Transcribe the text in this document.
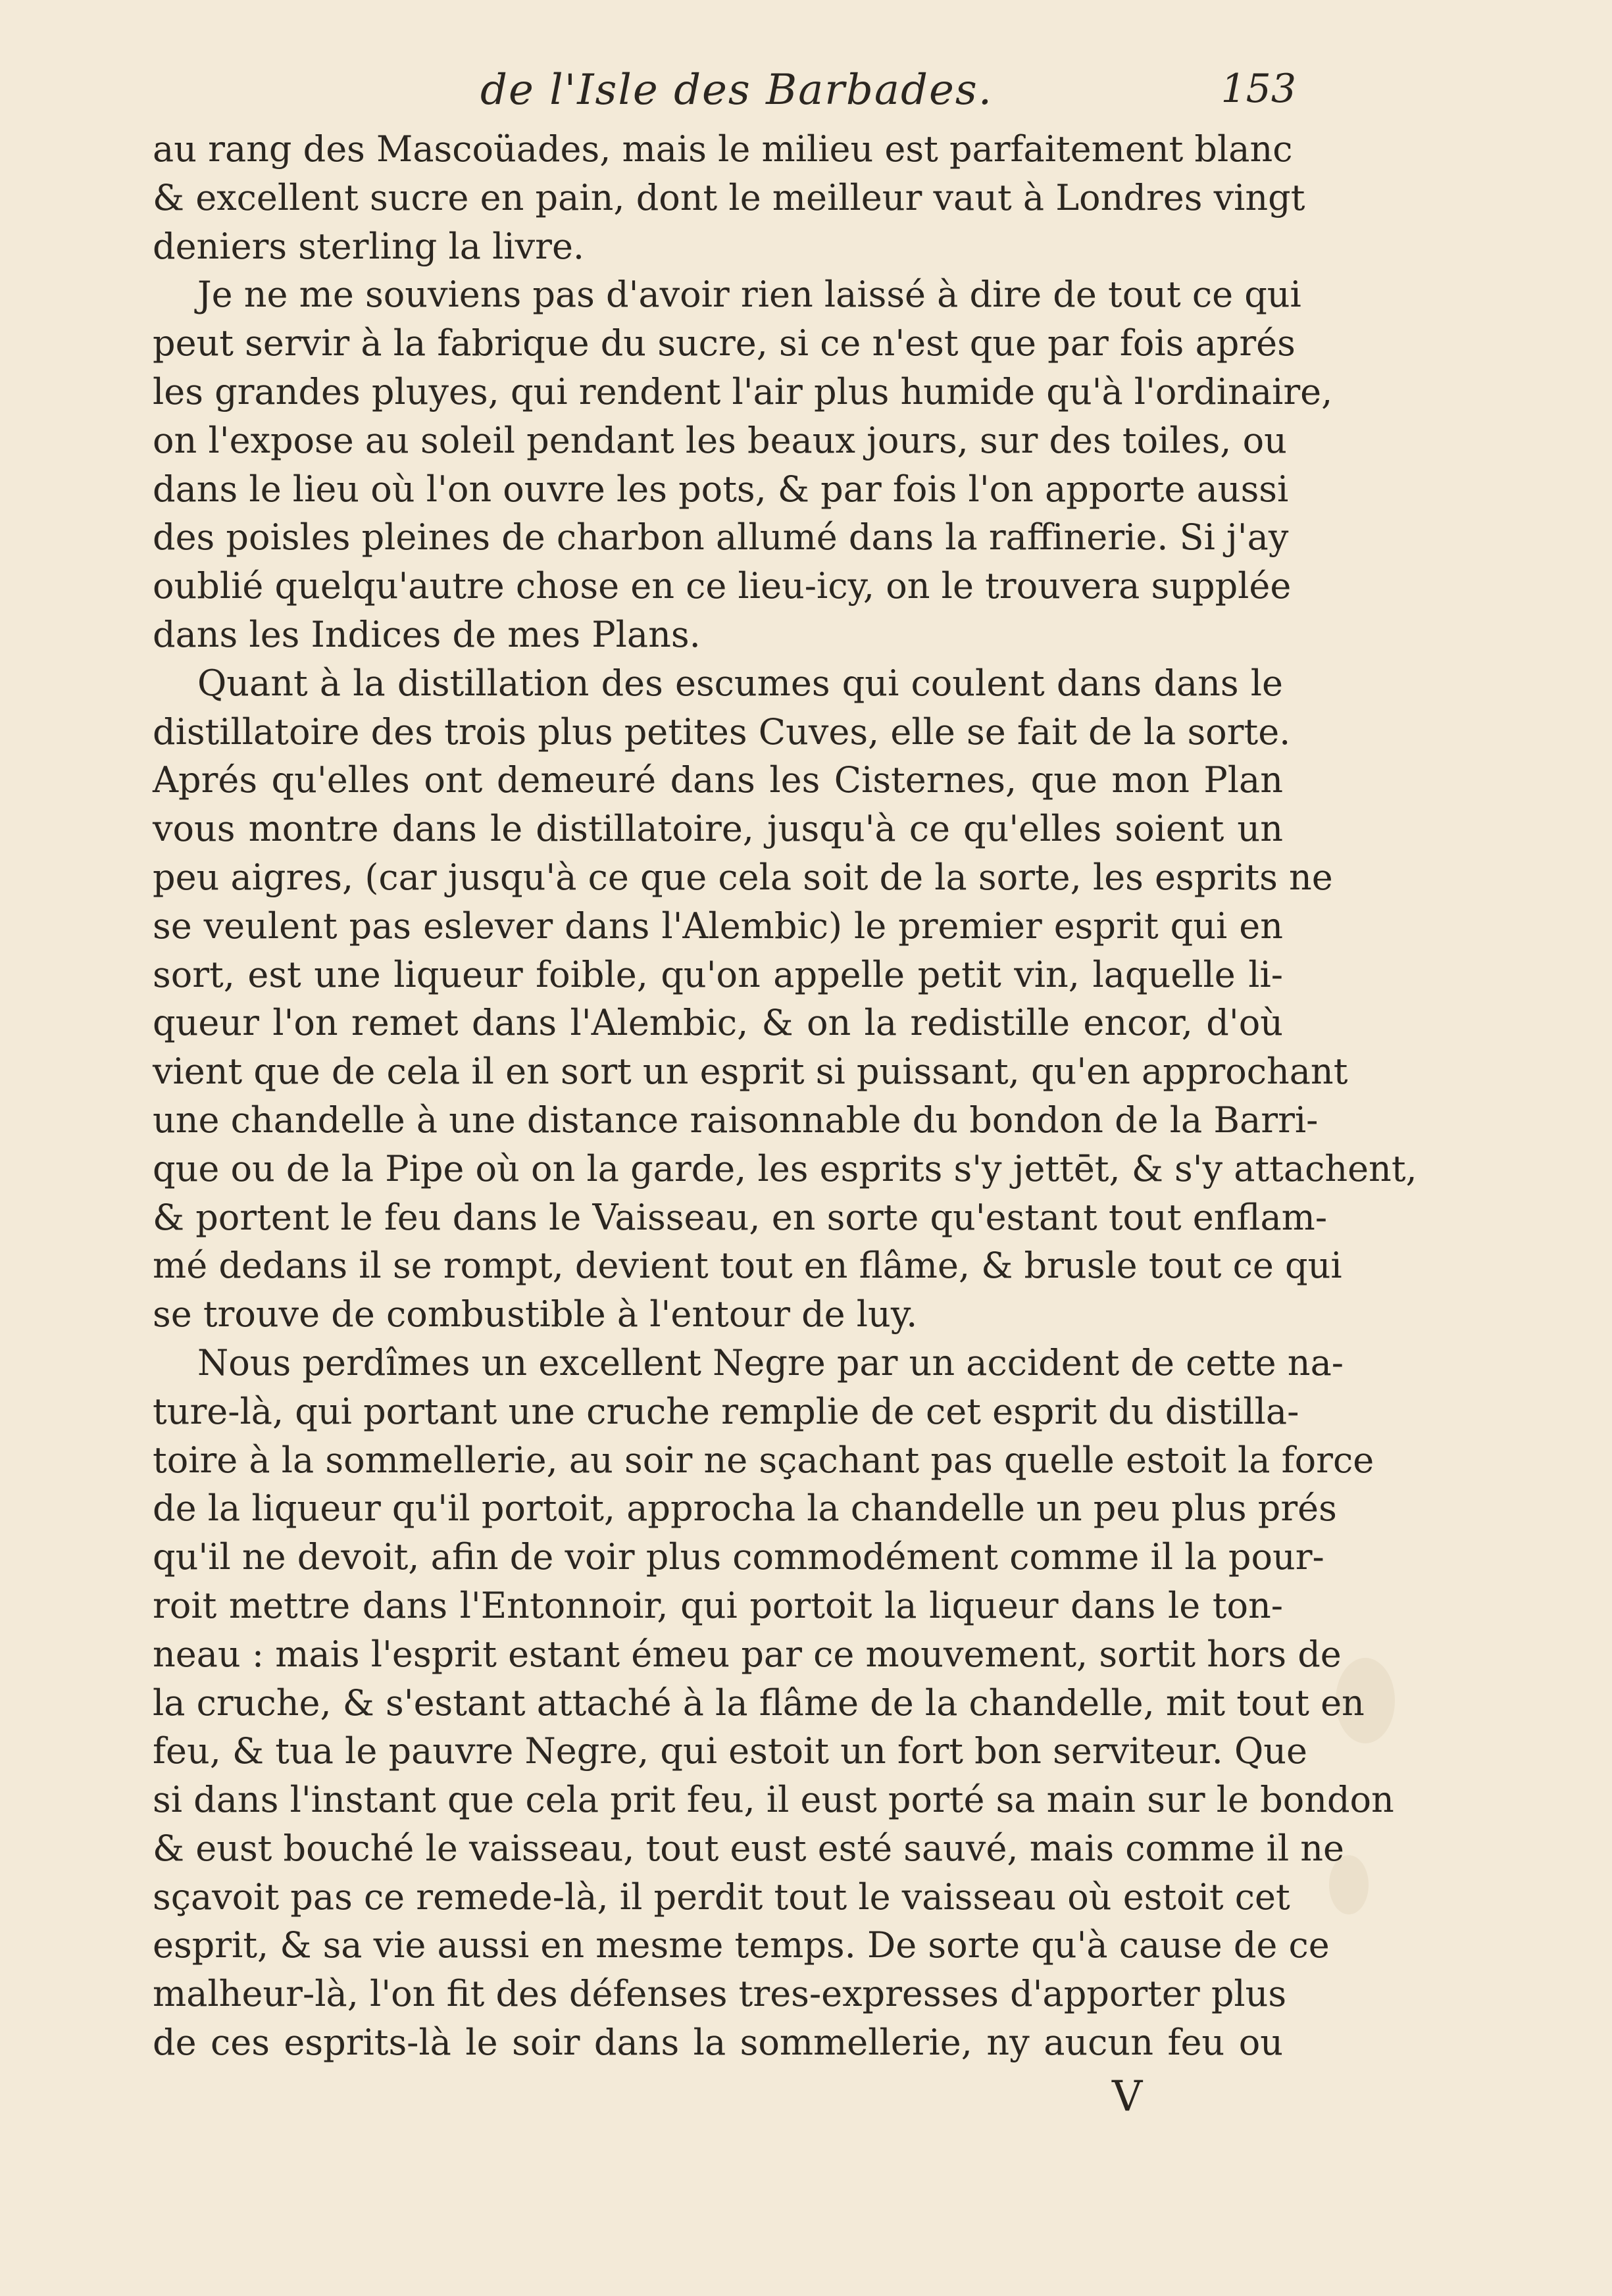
de l'Isle des Barbades.	153
au rang des Mascoüades, mais le milieu est parfaitement blanc
& excellent sucre en pain, dont le meilleur vaut à Londres vingt
deniers sterling la livre.
Je ne me souviens pas d'avoir rien laissé à dire de tout ce qui
peut servir à la fabrique du sucre, si ce n'est que par fois aprés
les grandes pluyes, qui rendent l'air plus humide qu'à l'ordinaire,
on l'expose au soleil pendant les beaux jours, sur des toiles, ou
dans le lieu où l'on ouvre les pots, & par fois l'on apporte aussi
des poisles pleines de charbon allumé dans la raffinerie. Si j'ay
oublié quelqu'autre chose en ce lieu-icy, on le trouvera supplée
dans les Indices de mes Plans.
Quant à la distillation des escumes qui coulent dans dans le
distillatoire des trois plus petites Cuves, elle se fait de la sorte.
Aprés qu'elles ont demeuré dans les Cisternes, que mon Plan
vous montre dans le distillatoire, jusqu'à ce qu'elles soient un
peu aigres, (car jusqu'à ce que cela soit de la sorte, les esprits ne
se veulent pas eslever dans l'Alembic) le premier esprit qui en
sort, est une liqueur foible, qu'on appelle petit vin, laquelle li-
queur l'on remet dans l'Alembic, & on la redistille encor, d'où
vient que de cela il en sort un esprit si puissant, qu'en approchant
une chandelle à une distance raisonnable du bondon de la Barri-
que ou de la Pipe où on la garde, les esprits s'y jettēt, & s'y attachent,
& portent le feu dans le Vaisseau, en sorte qu'estant tout enflam-
mé dedans il se rompt, devient tout en flâme, & brusle tout ce qui
se trouve de combustible à l'entour de luy.
Nous perdîmes un excellent Negre par un accident de cette na-
ture-là, qui portant une cruche remplie de cet esprit du distilla-
toire à la sommellerie, au soir ne sçachant pas quelle estoit la force
de la liqueur qu'il portoit, approcha la chandelle un peu plus prés
qu'il ne devoit, afin de voir plus commodément comme il la pour-
roit mettre dans l'Entonnoir, qui portoit la liqueur dans le ton-
neau : mais l'esprit estant émeu par ce mouvement, sortit hors de
la cruche, & s'estant attaché à la flâme de la chandelle, mit tout en
feu, & tua le pauvre Negre, qui estoit un fort bon serviteur. Que
si dans l'instant que cela prit feu, il eust porté sa main sur le bondon
& eust bouché le vaisseau, tout eust esté sauvé, mais comme il ne
sçavoit pas ce remede-là, il perdit tout le vaisseau où estoit cet
esprit, & sa vie aussi en mesme temps. De sorte qu'à cause de ce
malheur-là, l'on fit des défenses tres-expresses d'apporter plus
de ces esprits-là le soir dans la sommellerie, ny aucun feu ou
V
